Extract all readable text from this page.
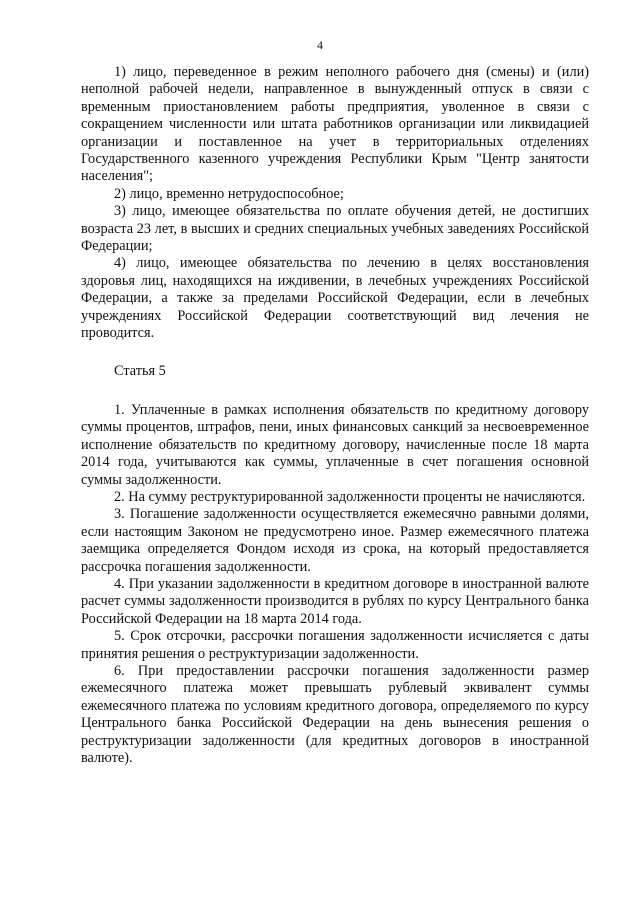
4

1) лицо, переведенное в режим неполного рабочего дня (смены) и (или) неполной рабочей недели, направленное в вынужденный отпуск в связи с временным приостановлением работы предприятия, уволенное в связи с сокращением численности или штата работников организации или ликвидацией организации и поставленное на учет в территориальных отделениях Государственного казенного учреждения Республики Крым "Центр занятости населения";

2) лицо, временно нетрудоспособное;

3) лицо, имеющее обязательства по оплате обучения детей, не достигших возраста 23 лет, в высших и средних специальных учебных заведениях Российской Федерации;

4) лицо, имеющее обязательства по лечению в целях восстановления здоровья лиц, находящихся на иждивении, в лечебных учреждениях Российской Федерации, а также за пределами Российской Федерации, если в лечебных учреждениях Российской Федерации соответствующий вид лечения не проводится.

Статья 5

1. Уплаченные в рамках исполнения обязательств по кредитному договору суммы процентов, штрафов, пени, иных финансовых санкций за несвоевременное исполнение обязательств по кредитному договору, начисленные после 18 марта 2014 года, учитываются как суммы, уплаченные в счет погашения основной суммы задолженности.

2. На сумму реструктурированной задолженности проценты не начисляются.

3. Погашение задолженности осуществляется ежемесячно равными долями, если настоящим Законом не предусмотрено иное. Размер ежемесячного платежа заемщика определяется Фондом исходя из срока, на который предоставляется рассрочка погашения задолженности.

4. При указании задолженности в кредитном договоре в иностранной валюте расчет суммы задолженности производится в рублях по курсу Центрального банка Российской Федерации на 18 марта 2014 года.

5. Срок отсрочки, рассрочки погашения задолженности исчисляется с даты принятия решения о реструктуризации задолженности.

6. При предоставлении рассрочки погашения задолженности размер ежемесячного платежа может превышать рублевый эквивалент суммы ежемесячного платежа по условиям кредитного договора, определяемого по курсу Центрального банка Российской Федерации на день вынесения решения о реструктуризации задолженности (для кредитных договоров в иностранной валюте).
